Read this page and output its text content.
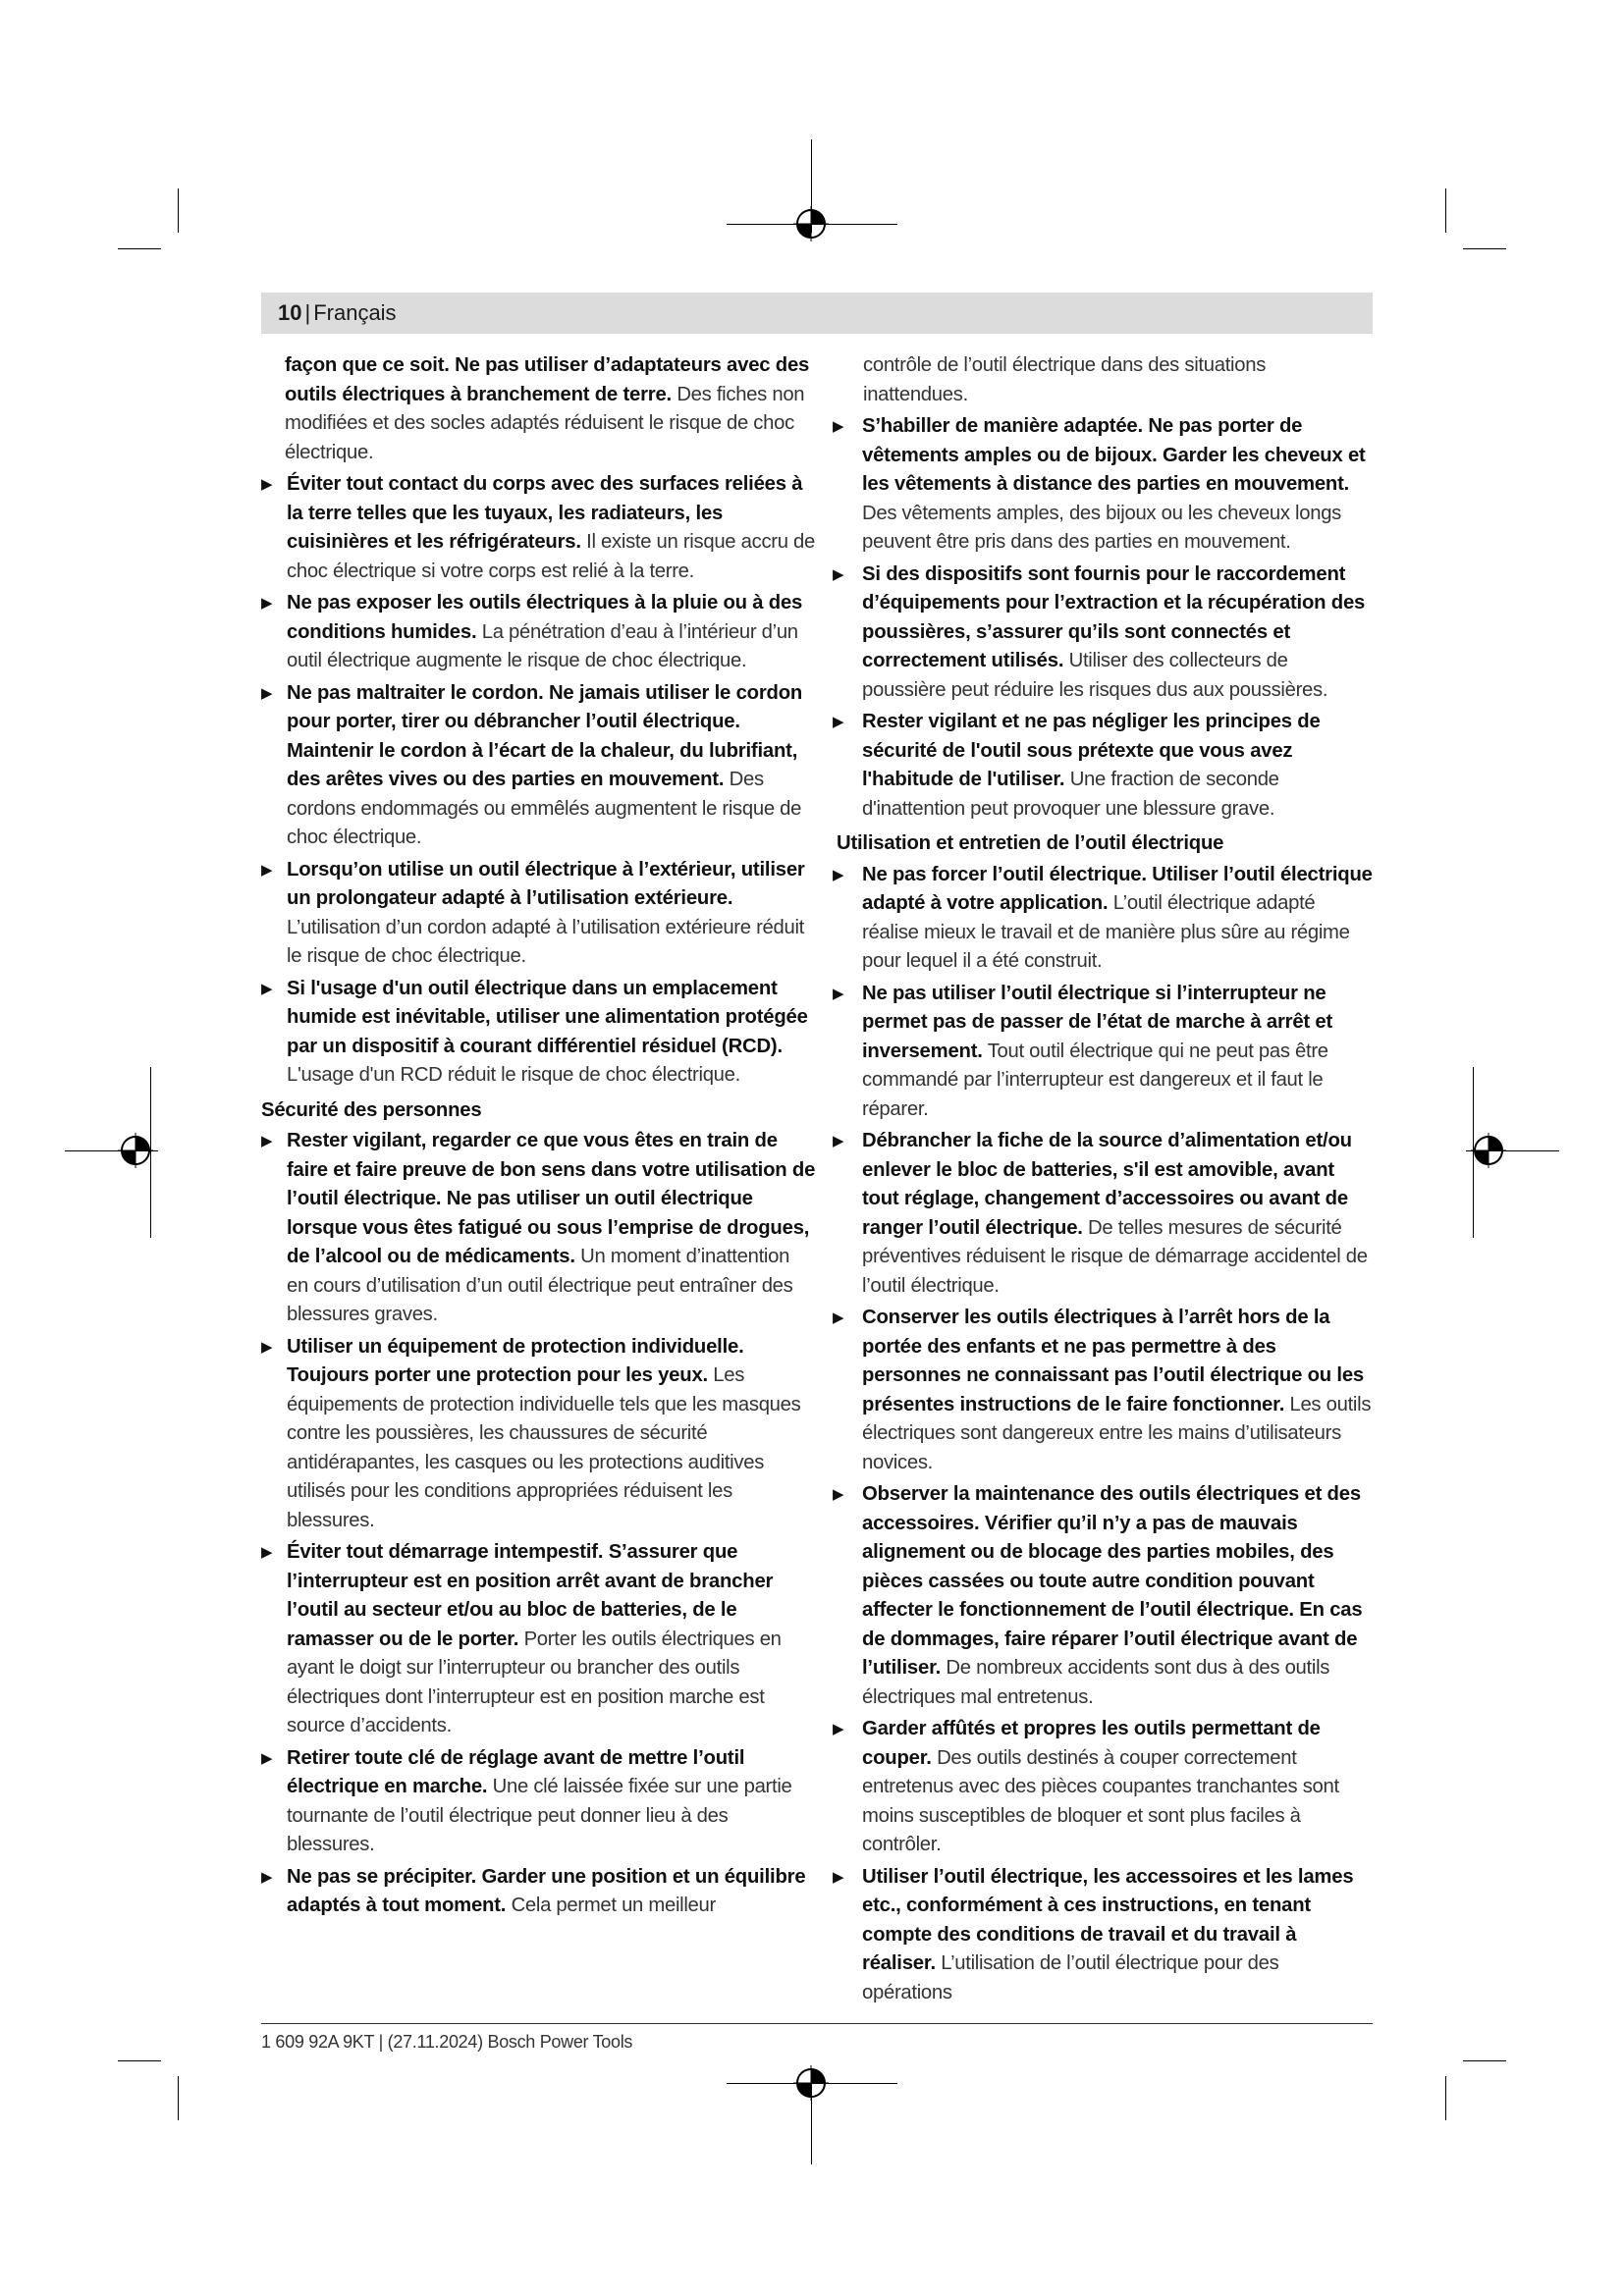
10 | Français
façon que ce soit. Ne pas utiliser d’adaptateurs avec des outils électriques à branchement de terre. Des fiches non modifiées et des socles adaptés réduisent le risque de choc électrique.
▶ Éviter tout contact du corps avec des surfaces reliées à la terre telles que les tuyaux, les radiateurs, les cuisinières et les réfrigérateurs. Il existe un risque accru de choc électrique si votre corps est relié à la terre.
▶ Ne pas exposer les outils électriques à la pluie ou à des conditions humides. La pénétration d’eau à l’intérieur d’un outil électrique augmente le risque de choc électrique.
▶ Ne pas maltraiter le cordon. Ne jamais utiliser le cordon pour porter, tirer ou débrancher l’outil électrique. Maintenir le cordon à l’écart de la chaleur, du lubrifiant, des arêtes vives ou des parties en mouvement. Des cordons endommagés ou emmêlés augmentent le risque de choc électrique.
▶ Lorsqu’on utilise un outil électrique à l’extérieur, utiliser un prolongateur adapté à l’utilisation extérieure. L’utilisation d’un cordon adapté à l’utilisation extérieure réduit le risque de choc électrique.
▶ Si l'usage d'un outil électrique dans un emplacement humide est inévitable, utiliser une alimentation protégée par un dispositif à courant différentiel résiduel (RCD). L'usage d'un RCD réduit le risque de choc électrique.
Sécurité des personnes
▶ Rester vigilant, regarder ce que vous êtes en train de faire et faire preuve de bon sens dans votre utilisation de l’outil électrique. Ne pas utiliser un outil électrique lorsque vous êtes fatigué ou sous l’emprise de drogues, de l’alcool ou de médicaments. Un moment d’inattention en cours d’utilisation d’un outil électrique peut entraîner des blessures graves.
▶ Utiliser un équipement de protection individuelle. Toujours porter une protection pour les yeux. Les équipements de protection individuelle tels que les masques contre les poussières, les chaussures de sécurité antidérapantes, les casques ou les protections auditives utilisés pour les conditions appropriées réduisent les blessures.
▶ Éviter tout démarrage intempestif. S’assurer que l’interrupteur est en position arrêt avant de brancher l’outil au secteur et/ou au bloc de batteries, de le ramasser ou de le porter. Porter les outils électriques en ayant le doigt sur l’interrupteur ou brancher des outils électriques dont l’interrupteur est en position marche est source d’accidents.
▶ Retirer toute clé de réglage avant de mettre l’outil électrique en marche. Une clé laissée fixée sur une partie tournante de l’outil électrique peut donner lieu à des blessures.
▶ Ne pas se précipiter. Garder une position et un équilibre adaptés à tout moment. Cela permet un meilleur
contrôle de l’outil électrique dans des situations inattendues.
▶ S’habiller de manière adaptée. Ne pas porter de vêtements amples ou de bijoux. Garder les cheveux et les vêtements à distance des parties en mouvement. Des vêtements amples, des bijoux ou les cheveux longs peuvent être pris dans des parties en mouvement.
▶ Si des dispositifs sont fournis pour le raccordement d’équipements pour l’extraction et la récupération des poussières, s’assurer qu’ils sont connectés et correctement utilisés. Utiliser des collecteurs de poussière peut réduire les risques dus aux poussières.
▶ Rester vigilant et ne pas négliger les principes de sécurité de l'outil sous prétexte que vous avez l'habitude de l'utiliser. Une fraction de seconde d'inattention peut provoquer une blessure grave.
Utilisation et entretien de l’outil électrique
▶ Ne pas forcer l’outil électrique. Utiliser l’outil électrique adapté à votre application. L’outil électrique adapté réalise mieux le travail et de manière plus sûre au régime pour lequel il a été construit.
▶ Ne pas utiliser l’outil électrique si l’interrupteur ne permet pas de passer de l’état de marche à arrêt et inversement. Tout outil électrique qui ne peut pas être commandé par l’interrupteur est dangereux et il faut le réparer.
▶ Débrancher la fiche de la source d’alimentation et/ou enlever le bloc de batteries, s'il est amovible, avant tout réglage, changement d’accessoires ou avant de ranger l’outil électrique. De telles mesures de sécurité préventives réduisent le risque de démarrage accidentel de l’outil électrique.
▶ Conserver les outils électriques à l’arrêt hors de la portée des enfants et ne pas permettre à des personnes ne connaissant pas l’outil électrique ou les présentes instructions de le faire fonctionner. Les outils électriques sont dangereux entre les mains d’utilisateurs novices.
▶ Observer la maintenance des outils électriques et des accessoires. Vérifier qu’il n’y a pas de mauvais alignement ou de blocage des parties mobiles, des pièces cassées ou toute autre condition pouvant affecter le fonctionnement de l’outil électrique. En cas de dommages, faire réparer l’outil électrique avant de l’utiliser. De nombreux accidents sont dus à des outils électriques mal entretenus.
▶ Garder affûtés et propres les outils permettant de couper. Des outils destinés à couper correctement entretenus avec des pièces coupantes tranchantes sont moins susceptibles de bloquer et sont plus faciles à contrôler.
▶ Utiliser l’outil électrique, les accessoires et les lames etc., conformément à ces instructions, en tenant compte des conditions de travail et du travail à réaliser. L’utilisation de l’outil électrique pour des opérations
1 609 92A 9KT | (27.11.2024) Bosch Power Tools
